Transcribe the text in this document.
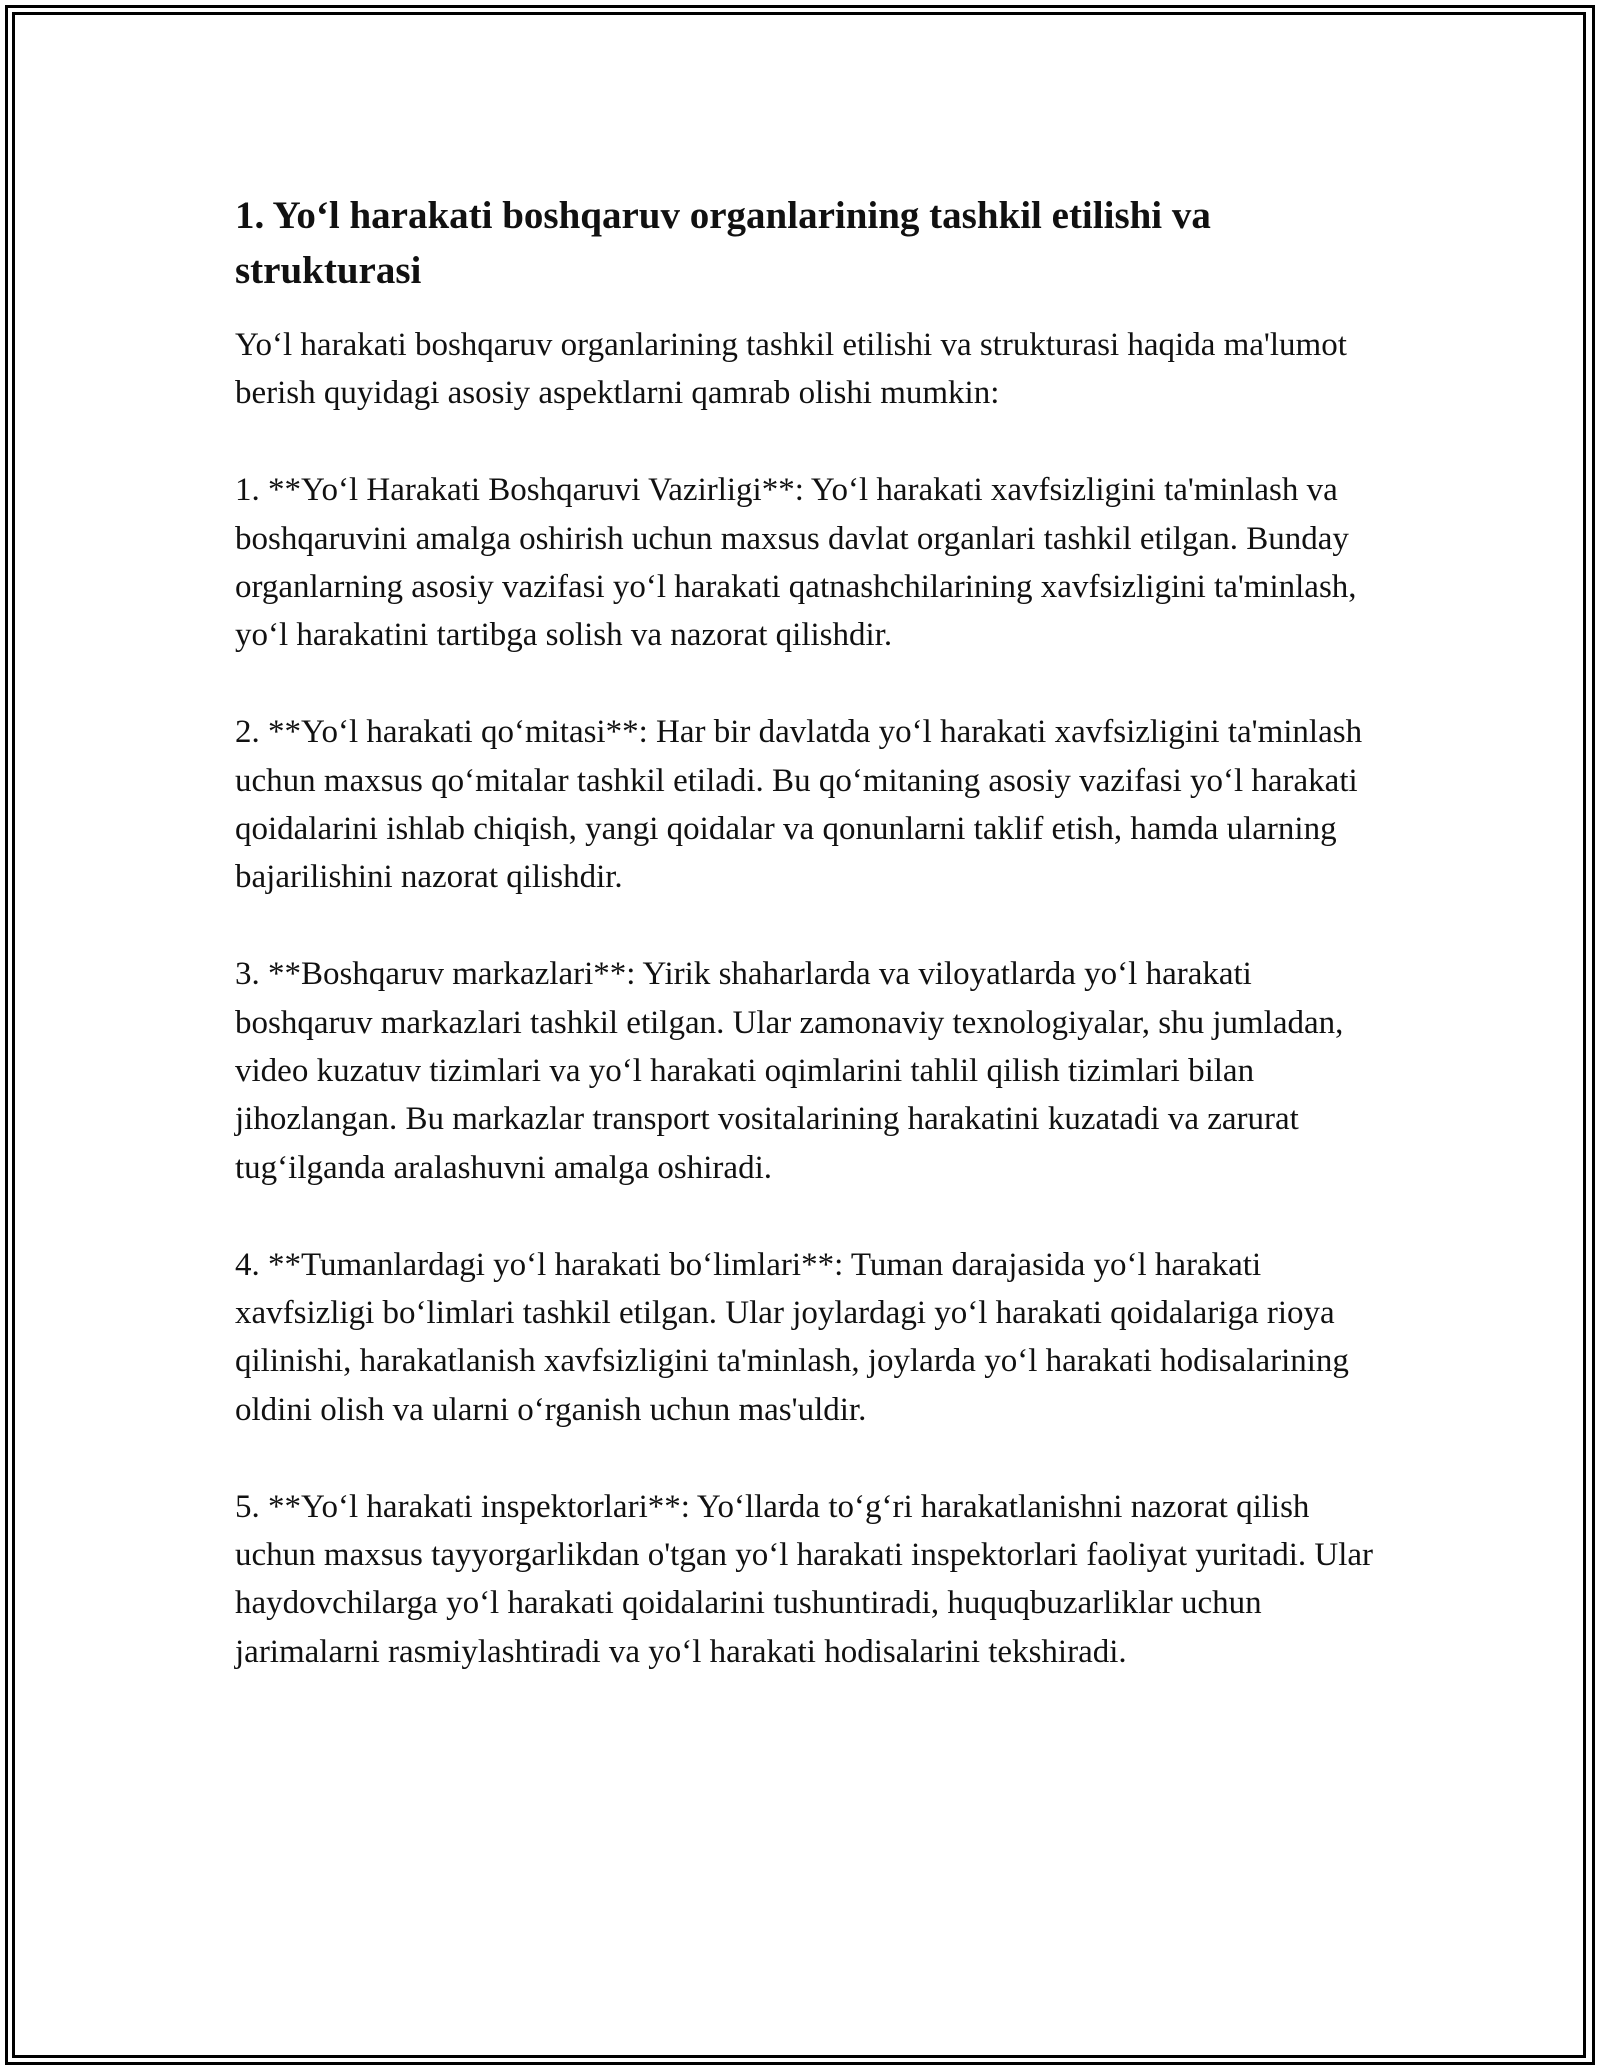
1. Yo‘l harakati boshqaruv organlarining tashkil etilishi va strukturasi

Yo‘l harakati boshqaruv organlarining tashkil etilishi va strukturasi haqida ma'lumot berish quyidagi asosiy aspektlarni qamrab olishi mumkin:

1. **Yo‘l Harakati Boshqaruvi Vazirligi**: Yo‘l harakati xavfsizligini ta'minlash va boshqaruvini amalga oshirish uchun maxsus davlat organlari tashkil etilgan. Bunday organlarning asosiy vazifasi yo‘l harakati qatnashchilarining xavfsizligini ta'minlash, yo‘l harakatini tartibga solish va nazorat qilishdir.

2. **Yo‘l harakati qo‘mitasi**: Har bir davlatda yo‘l harakati xavfsizligini ta'minlash uchun maxsus qo‘mitalar tashkil etiladi. Bu qo‘mitaning asosiy vazifasi yo‘l harakati qoidalarini ishlab chiqish, yangi qoidalar va qonunlarni taklif etish, hamda ularning bajarilishini nazorat qilishdir.

3. **Boshqaruv markazlari**: Yirik shaharlarda va viloyatlarda yo‘l harakati boshqaruv markazlari tashkil etilgan. Ular zamonaviy texnologiyalar, shu jumladan, video kuzatuv tizimlari va yo‘l harakati oqimlarini tahlil qilish tizimlari bilan jihozlangan. Bu markazlar transport vositalarining harakatini kuzatadi va zarurat tug‘ilganda aralashuvni amalga oshiradi.

4. **Tumanlardagi yo‘l harakati bo‘limlari**: Tuman darajasida yo‘l harakati xavfsizligi bo‘limlari tashkil etilgan. Ular joylardagi yo‘l harakati qoidalariga rioya qilinishi, harakatlanish xavfsizligini ta'minlash, joylarda yo‘l harakati hodisalarining oldini olish va ularni o‘rganish uchun mas'uldir.

5. **Yo‘l harakati inspektorlari**: Yo‘llarda to‘g‘ri harakatlanishni nazorat qilish uchun maxsus tayyorgarlikdan o'tgan yo‘l harakati inspektorlari faoliyat yuritadi. Ular haydovchilarga yo‘l harakati qoidalarini tushuntiradi, huquqbuzarliklar uchun jarimalarni rasmiylashtiradi va yo‘l harakati hodisalarini tekshiradi.
